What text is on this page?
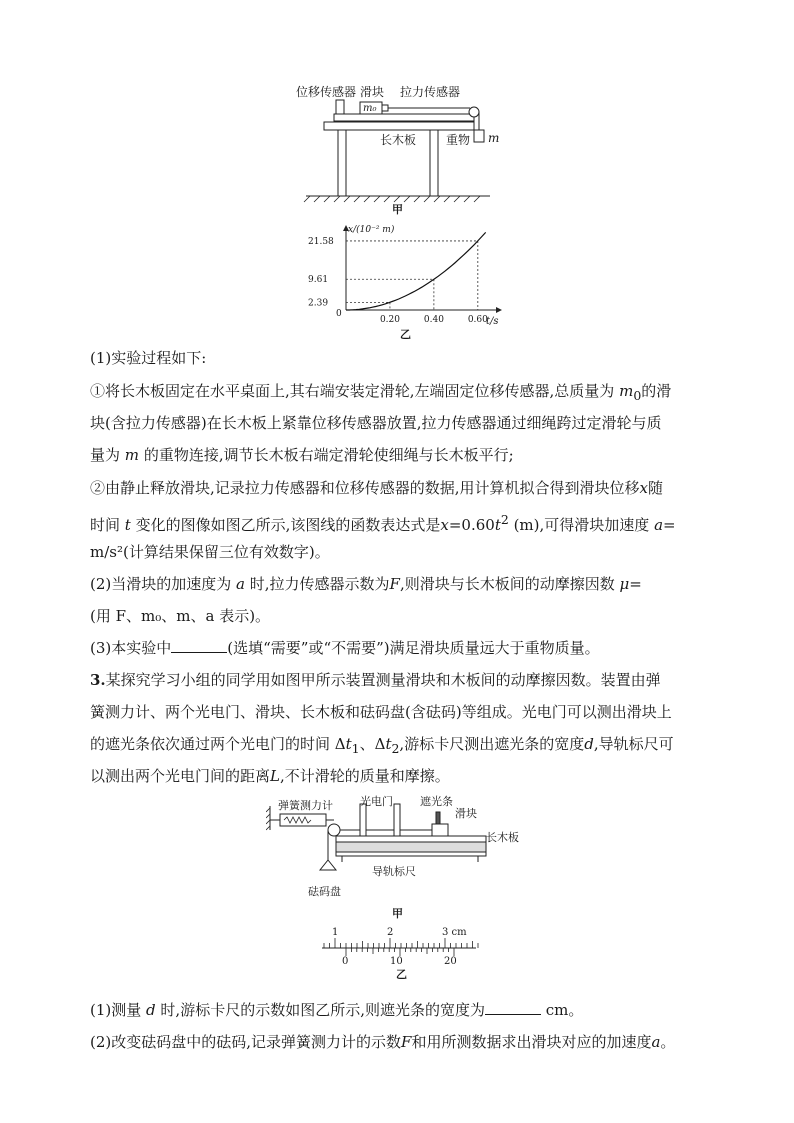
位移传感器 滑块
m₀
拉力传感器
长木板 重物 m
甲
x/(10⁻² m)
t/s
0
0.20
2.39
0.40
9.61
0.60
21.58
乙
(1)实验过程如下:
①将长木板固定在水平桌面上,其右端安装定滑轮,左端固定位移传感器,总质量为 $m_0$的滑
块(含拉力传感器)在长木板上紧靠位移传感器放置,拉力传感器通过细绳跨过定滑轮与质
量为 m 的重物连接,调节长木板右端定滑轮使细绳与长木板平行;
②由静止释放滑块,记录拉力传感器和位移传感器的数据,用计算机拟合得到滑块位移x随
时间 t 变化的图像如图乙所示,该图线的函数表达式是$x=0.60t^2$ (m),可得滑块加速度 a=
m/s²(计算结果保留三位有效数字)。
(2)当滑块的加速度为 a 时,拉力传感器示数为F,则滑块与长木板间的动摩擦因数 μ=
(用 F、m₀、m、a 表示)。
(3)本实验中	(选填“需要”或“不需要”)满足滑块质量远大于重物质量。
3.某探究学习小组的同学用如图甲所示装置测量滑块和木板间的动摩擦因数。装置由弹
簧测力计、两个光电门、滑块、长木板和砝码盘(含砝码)等组成。光电门可以测出滑块上
的遮光条依次通过两个光电门的时间 $\Delta t_1$、$\Delta t_2$,游标卡尺测出遮光条的宽度d,导轨标尺可
以测出两个光电门间的距离L,不计滑轮的质量和摩擦。
弹簧测力计 光电门 遮光条
滑块
长木板
导轨标尺
砝码盘
甲
1	2	3 cm
0	10	20
乙
(1)测量 d 时,游标卡尺的示数如图乙所示,则遮光条的宽度为	cm。
(2)改变砝码盘中的砝码,记录弹簧测力计的示数F和用所测数据求出滑块对应的加速度a。
